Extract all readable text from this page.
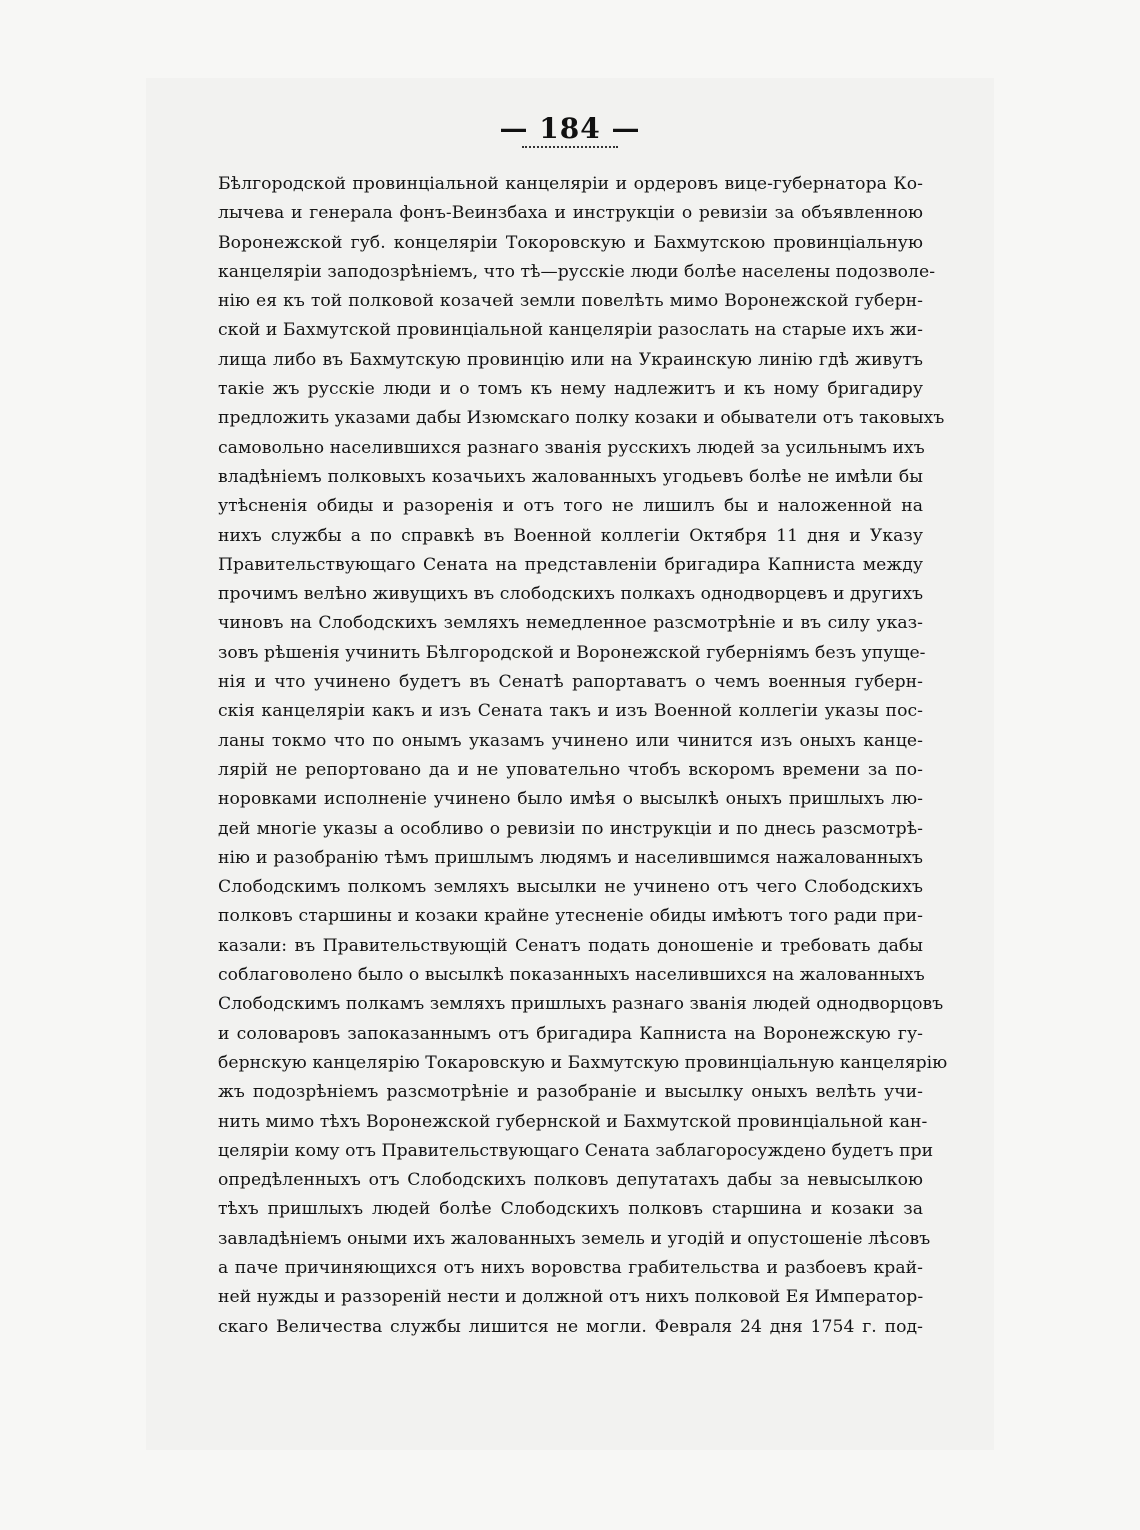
— 184 —
Бѣлгородской провинціальной канцеляріи и ордеровъ вице-губернатора Ко-
лычева и генерала фонъ-Веинзбаха и инструкціи о ревизіи за объявленною
Воронежской губ. концеляріи Токоровскую и Бахмутскою провинціальную
канцеляріи заподозрѣніемъ, что тѣ—русскіе люди болѣе населены подозволе-
нію ея къ той полковой козачей земли повелѣть мимо Воронежской губерн-
ской и Бахмутской провинціальной канцеляріи разослать на старые ихъ жи-
лища либо въ Бахмутскую провинцію или на Украинскую линію гдѣ живутъ
такіе жъ русскіе люди и о томъ къ нему надлежитъ и къ ному бригадиру
предложить указами дабы Изюмскаго полку козаки и обыватели отъ таковыхъ
самовольно населившихся разнаго званія русскихъ людей за усильнымъ ихъ
владѣніемъ полковыхъ козачьихъ жалованныхъ угодьевъ болѣе не имѣли бы
утѣсненія обиды и разоренія и отъ того не лишилъ бы и наложенной на
нихъ службы а по справкѣ въ Военной коллегіи Октября 11 дня и Указу
Правительствующаго Сената на представленіи бригадира Капниста между
прочимъ велѣно живущихъ въ слободскихъ полкахъ однодворцевъ и другихъ
чиновъ на Слободскихъ земляхъ немедленное разсмотрѣніе и въ силу указ-
зовъ рѣшенія учинить Бѣлгородской и Воронежской губерніямъ безъ упуще-
нія и что учинено будетъ въ Сенатѣ рапортаватъ о чемъ военныя губерн-
скія канцеляріи какъ и изъ Сената такъ и изъ Военной коллегіи указы пос-
ланы токмо что по онымъ указамъ учинено или чинится изъ оныхъ канце-
лярій не репортовано да и не уповательно чтобъ вскоромъ времени за по-
норовками исполненіе учинено было имѣя о высылкѣ оныхъ пришлыхъ лю-
дей многіе указы а особливо о ревизіи по инструкціи и по днесь разсмотрѣ-
нію и разобранію тѣмъ пришлымъ людямъ и населившимся нажалованныхъ
Слободскимъ полкомъ земляхъ высылки не учинено отъ чего Слободскихъ
полковъ старшины и козаки крайне утесненіе обиды имѣютъ того ради при-
казали: въ Правительствующій Сенатъ подать доношеніе и требовать дабы
соблаговолено было о высылкѣ показанныхъ населившихся на жалованныхъ
Слободскимъ полкамъ земляхъ пришлыхъ разнаго званія людей однодворцовъ
и соловаровъ запоказаннымъ отъ бригадира Капниста на Воронежскую гу-
бернскую канцелярію Токаровскую и Бахмутскую провинціальную канцелярію
жъ подозрѣніемъ разсмотрѣніе и разобраніе и высылку оныхъ велѣть учи-
нить мимо тѣхъ Воронежской губернской и Бахмутской провинціальной кан-
целяріи кому отъ Правительствующаго Сената заблагоросуждено будетъ при
опредѣленныхъ отъ Слободскихъ полковъ депутатахъ дабы за невысылкою
тѣхъ пришлыхъ людей болѣе Слободскихъ полковъ старшина и козаки за
завладѣніемъ оными ихъ жалованныхъ земель и угодій и опустошеніе лѣсовъ
а паче причиняющихся отъ нихъ воровства грабительства и разбоевъ край-
ней нужды и раззореній нести и должной отъ нихъ полковой Ея Император-
скаго Величества службы лишится не могли. Февраля 24 дня 1754 г. под-
